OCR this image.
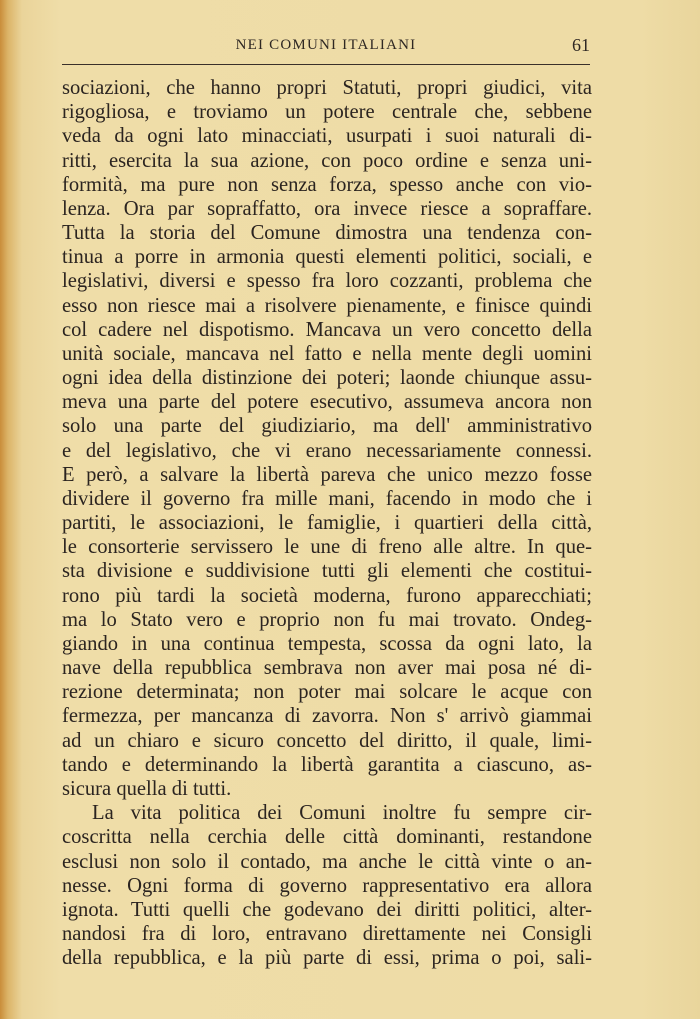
NEI COMUNI ITALIANI	61
sociazioni, che hanno propri Statuti, propri giudici, vita
rigogliosa, e troviamo un potere centrale che, sebbene
veda da ogni lato minacciati, usurpati i suoi naturali di-
ritti, esercita la sua azione, con poco ordine e senza uni-
formità, ma pure non senza forza, spesso anche con vio-
lenza. Ora par sopraffatto, ora invece riesce a sopraffare.
Tutta la storia del Comune dimostra una tendenza con-
tinua a porre in armonia questi elementi politici, sociali, e
legislativi, diversi e spesso fra loro cozzanti, problema che
esso non riesce mai a risolvere pienamente, e finisce quindi
col cadere nel dispotismo. Mancava un vero concetto della
unità sociale, mancava nel fatto e nella mente degli uomini
ogni idea della distinzione dei poteri; laonde chiunque assu-
meva una parte del potere esecutivo, assumeva ancora non
solo una parte del giudiziario, ma dell' amministrativo
e del legislativo, che vi erano necessariamente connessi.
E però, a salvare la libertà pareva che unico mezzo fosse
dividere il governo fra mille mani, facendo in modo che i
partiti, le associazioni, le famiglie, i quartieri della città,
le consorterie servissero le une di freno alle altre. In que-
sta divisione e suddivisione tutti gli elementi che costitui-
rono più tardi la società moderna, furono apparecchiati;
ma lo Stato vero e proprio non fu mai trovato. Ondeg-
giando in una continua tempesta, scossa da ogni lato, la
nave della repubblica sembrava non aver mai posa né di-
rezione determinata; non poter mai solcare le acque con
fermezza, per mancanza di zavorra. Non s' arrivò giammai
ad un chiaro e sicuro concetto del diritto, il quale, limi-
tando e determinando la libertà garantita a ciascuno, as-
sicura quella di tutti.
La vita politica dei Comuni inoltre fu sempre cir-
coscritta nella cerchia delle città dominanti, restandone
esclusi non solo il contado, ma anche le città vinte o an-
nesse. Ogni forma di governo rappresentativo era allora
ignota. Tutti quelli che godevano dei diritti politici, alter-
nandosi fra di loro, entravano direttamente nei Consigli
della repubblica, e la più parte di essi, prima o poi, sali-
